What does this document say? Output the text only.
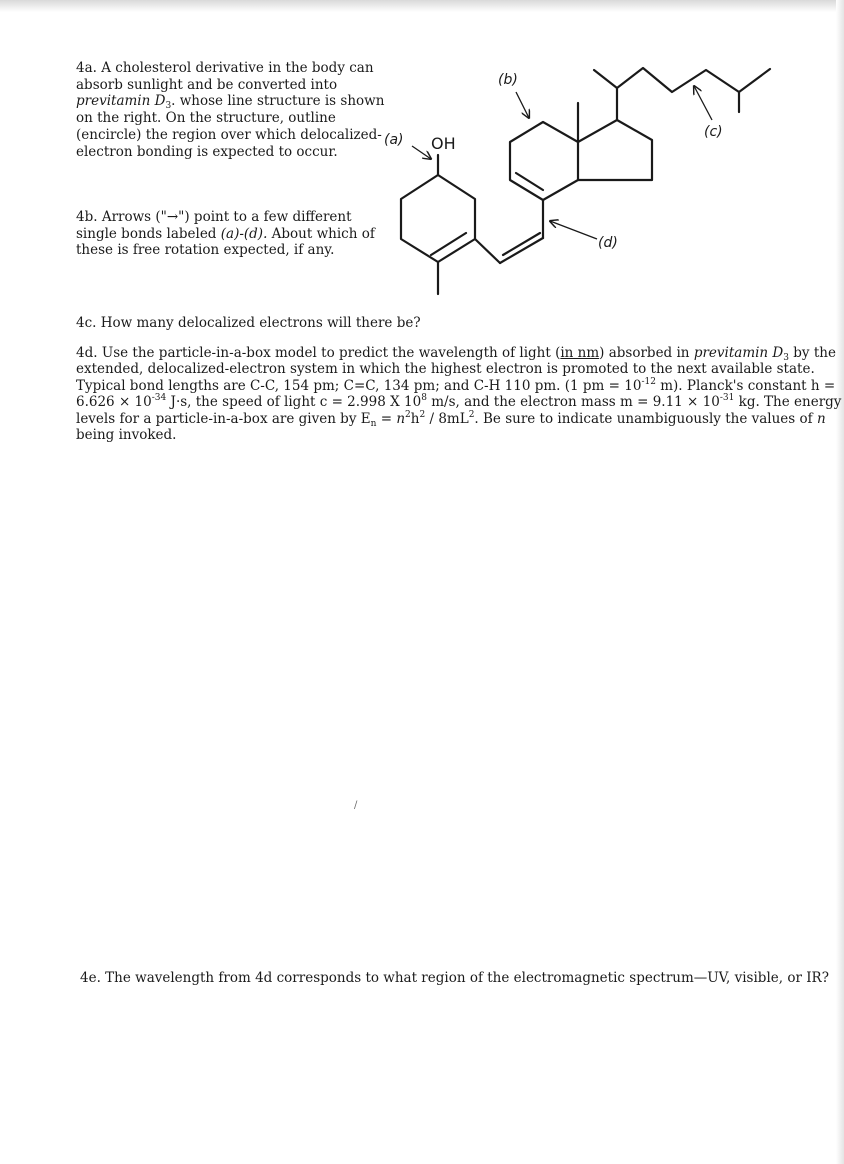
4a. A cholesterol derivative in the body can
absorb sunlight and be converted into
previtamin $D_3$. whose line structure is shown
on the right. On the structure, outline
(encircle) the region over which delocalized-
electron bonding is expected to occur.
4b. Arrows ("→") point to a few different
single bonds labeled (a)-(d). About which of
these is free rotation expected, if any.
4c. How many delocalized electrons will there be?
4d. Use the particle-in-a-box model to predict the wavelength of light (in nm) absorbed in previtamin $D_3$ by the
extended, delocalized-electron system in which the highest electron is promoted to the next available state.
Typical bond lengths are C-C, 154 pm; C=C, 134 pm; and C-H 110 pm. (1 pm = $10^{-12}$ m). Planck's constant h =
$6.626 \times 10^{-34}$ J·s, the speed of light c = 2.998 X $10^8$ m/s, and the electron mass $m = 9.11 \times 10^{-31}$ kg. The energy
levels for a particle-in-a-box are given by $E_n = n^2h^2 / 8mL^2$. Be sure to indicate unambiguously the values of n
being invoked.
4e. The wavelength from 4d corresponds to what region of the electromagnetic spectrum—UV, visible, or IR?
/
OH
(a)
(b)
(c)
(d)
